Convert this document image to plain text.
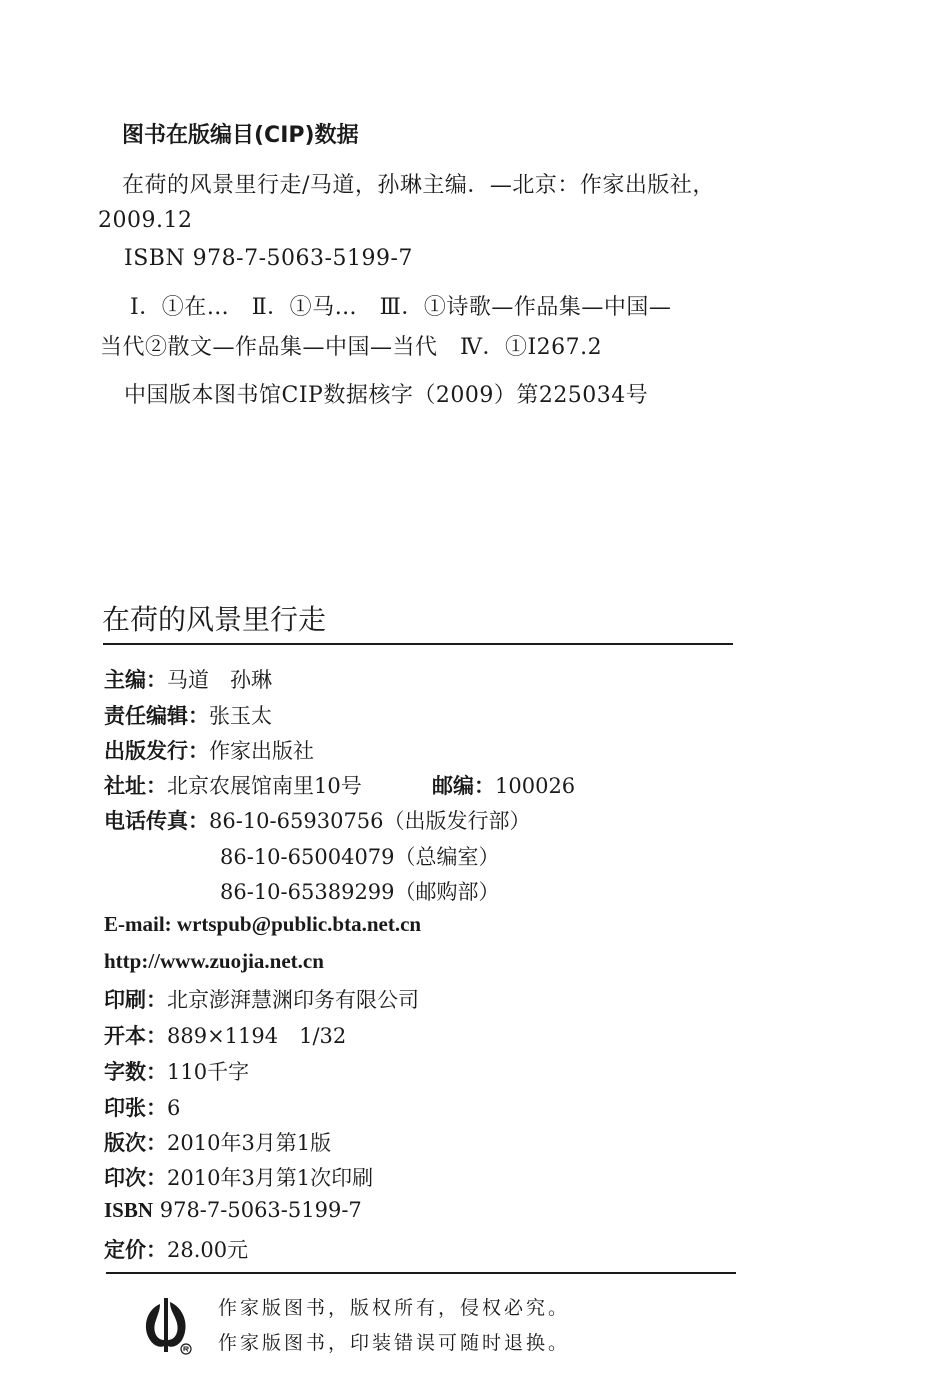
图书在版编目(CIP)数据
在荷的风景里行走/马道，孙琳主编．—北京：作家出版社，
2009.12
ISBN 978-7-5063-5199-7
Ⅰ．①在…　Ⅱ．①马…　Ⅲ．①诗歌—作品集—中国—
当代②散文—作品集—中国—当代　Ⅳ．①I267.2
中国版本图书馆CIP数据核字（2009）第225034号
在荷的风景里行走
主编：马道　孙琳
责任编辑：张玉太
出版发行：作家出版社
社址：北京农展馆南里10号	邮编：100026
电话传真：86-10-65930756（出版发行部）
86-10-65004079（总编室）
86-10-65389299（邮购部）
E-mail: wrtspub@public.bta.net.cn
http://www.zuojia.net.cn
印刷：北京澎湃慧渊印务有限公司
开本：889×1194　1/32
字数：110千字
印张：6
版次：2010年3月第1版
印次：2010年3月第1次印刷
ISBN 978-7-5063-5199-7
定价：28.00元
作家版图书，版权所有，侵权必究。
作家版图书，印装错误可随时退换。
